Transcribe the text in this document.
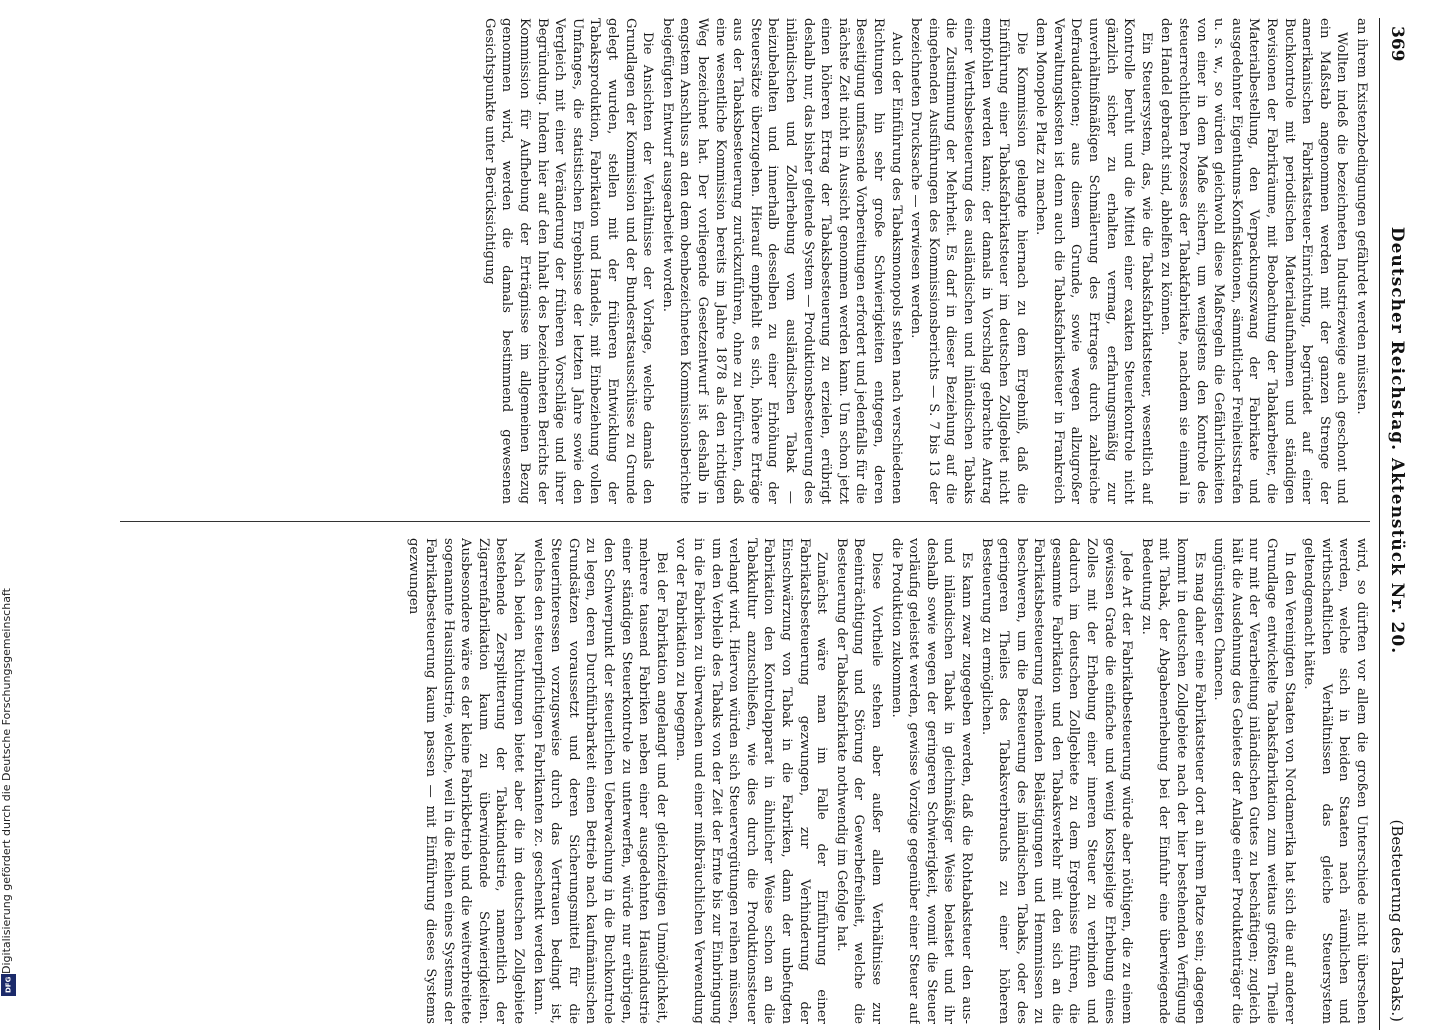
Digitalisierung gefördert durch die Deutsche Forschungsgemeinschaft
DFG	(Besteuerung des Tabaks.)
Deutscher Reichstag. Aktenstück Nr. 20.
369

an ihrem Existenzbedingungen gefährdet werden müssten.

Wollten indeß die bezeichneten Industriezweige auch geschont und ein Maßstab angenommen werden mit der ganzen Strenge der amerikanischen Fabrikatsteuer-Einrichtung, begründet auf einer Buchkontrole mit periodischen Materialaufnahmen und ständigen Revisionen der Fabrikräume, mit Beobachtung der Tabakarbeiter, die Materialbestellung, den Verpackungszwang der Fabrikate und ausgedehnter Eigenthums-Konfiskationen, sämmtlicher Freiheitsstrafen u. s. w., so würden gleichwohl diese Maßregeln die Gefährlichkeiten von einer in dem Maße sichern, um wenigstens den Kontrole des steuerrechtlichen Prozesses der Tabakfabrikate, nachdem sie einmal in den Handel gebracht sind, abhelfen zu können.

Ein Steuersystem, das, wie die Tabaksfabrikatsteuer, wesentlich auf Kontrolle beruht und die Mittel einer exakten Steuerkontrole nicht gänzlich sicher zu erhalten vermag, erfahrungsmäßig zur unverhältnißmäßigen Schmälerung des Ertrages durch zahlreiche Defraudationen; aus diesem Grunde, sowie wegen allzugroßer Verwaltungskosten ist denn auch die Tabaksfabriksteuer in Frankreich dem Monopole Platz zu machen.

Die Kommission gelangte hiernach zu dem Ergebniß, daß die Einführung einer Tabaksfabrikatsteuer im deutschen Zollgebiet nicht empfohlen werden kann; der damals in Vorschlag gebrachte Antrag einer Werthsbesteuerung des ausländischen und inländischen Tabaks die Zustimmung der Mehrheit. Es darf in dieser Beziehung auf die eingehenden Ausführungen des Kommissionsberichts — S. 7 bis 13 der bezeichneten Drucksache — verwiesen werden.

Auch der Einführung des Tabaksmonopols stehen nach verschiedenen Richtungen hin sehr große Schwierigkeiten entgegen, deren Beseitigung umfassende Vorbereitungen erfordert und jedenfalls für die nächste Zeit nicht in Aussicht genommen werden kann. Um schon jetzt einen höheren Ertrag der Tabaksbesteuerung zu erzielen, erübrigt deshalb nur, das bisher geltende System — Produktionsbesteuerung des inländischen und Zollerhebung vom ausländischen Tabak — beizubehalten und innerhalb desselben zu einer Erhöhung der Steuersätze überzugehen. Hierauf empfiehlt es sich, höhere Erträge aus der Tabaksbesteuerung zurückzuführen, ohne zu befürchten, daß eine wesentliche Kommission bereits im Jahre 1878 als den richtigen Weg bezeichnet hat. Der vorliegende Gesetzentwurf ist deshalb in engstem Anschluss an den dem obenbezeichneten Kommissionsberichte beigefügten Entwurf ausgearbeitet worden.

Die Ansichten der Verhältnisse der Vorlage, welche damals den Grundlagen der Kommission und der Bundesratsausschüsse zu Grunde gelegt wurden, stellen mit der früheren Entwicklung der Tabaksproduktion, Fabrikation und Handels, mit Einbeziehung vollen Umfanges, die statistischen Ergebnisse der letzten Jahre sowie den Vergleich mit einer Veränderung der früheren Vorschläge und ihrer Begründung. Indem hier auf den Inhalt des bezeichneten Berichts der Kommission für Aufhebung der Erträgnisse im allgemeinen Bezug genommen wird, werden die damals bestimmend gewesenen Gesichtspunkte unter Berücksichtigung

wird, so dürften vor allem die großen Unterschiede nicht übersehen werden, welche sich in beiden Staaten nach räumlichen und wirthschaftlichen Verhältnissen das gleiche Steuersystem geltendgemacht hätte.

In den Vereinigten Staaten von Nordamerika hat sich die auf anderer Grundlage entwickelte Tabaksfabrikation zum weitaus größten Theile nur mit der Verarbeitung inländischen Gutes zu beschäftigen; zugleich hält die Ausdehnung des Gebietes der Anlage einer Produktenträger die ungünstigsten Chancen.

Es mag daher eine Fabrikatsteuer dort an ihrem Platze sein; dagegen kommt in deutschen Zollgebiete nach der hier bestehenden Verfügung mit Tabak, der Abgabenerhebung bei der Einfuhr eine überwiegende Bedeutung zu.

Jede Art der Fabrikatbesteuerung würde aber nöthigen, die zu einem gewissen Grade die einfache und wenig kostspielige Erhebung eines Zolles mit der Erhebung einer inneren Steuer zu verbinden und dadurch im deutschen Zollgebiete zu dem Ergebnisse führen, die gesammte Fabrikation und den Tabaksverkehr mit den sich an die Fabrikatsbesteuerung reihenden Belästigungen und Hemmnissen zu beschweren, um die Besteuerung des inländischen Tabaks, oder des geringeren Theiles des Tabaksverbrauchs zu einer höheren Besteuerung zu ermöglichen.

Es kann zwar zugegeben werden, daß die Rohtabaksteuer den aus- und inländischen Tabak in gleichmäßiger Weise belastet und ihr deshalb sowie wegen der geringeren Schwierigkeit, womit die Steuer vorläufig geleistet werden, gewisse Vorzüge gegenüber einer Steuer auf die Produktion zukommen.

Diese Vortheile stehen aber außer allem Verhältnisse zur Beeinträchtigung und Störung der Gewerbefreiheit, welche die Besteuerung der Tabaksfabrikate nothwendig im Gefolge hat.

Zunächst wäre man im Falle der Einführung einer Fabrikatsbesteuerung gezwungen, zur Verhinderung der Einschwärzung von Tabak in die Fabriken, dann der unbefugten Fabrikation den Kontrolapparat in ähnlicher Weise schon an die Tabakkultur anzuschließen, wie dies durch die Produktionssteuer verlangt wird. Hiervon würden sich Steuervergütungen reihen müssen, um den Verbleib des Tabaks von der Zeit der Ernte bis zur Einbringung in die Fabriken zu überwachen und einer mißbräuchlichen Verwendung vor der Fabrikation zu begegnen.

Bei der Fabrikation angelangt und der gleichzeitigen Unmöglichkeit, mehrere tausend Fabriken neben einer ausgedehnten Hausindustrie einer ständigen Steuerkontrole zu unterwerfen, würde nur erübrigen, den Schwerpunkt der steuerlichen Ueberwachung in die Buchkontrole zu legen, deren Durchführbarkeit einen Betrieb nach kaufmännischen Grundsätzen voraussetzt und deren Sicherungsmittel für die Steuerinteressen vorzugsweise durch das Vertrauen bedingt ist, welches den steuerpflichtigen Fabrikanten zc. geschenkt werden kann.

Nach beiden Richtungen bietet aber die im deutschen Zollgebiete bestehende Zersplitterung der Tabakindustrie, namentlich der Zigarrenfabrikation kaum zu überwindende Schwierigkeiten. Ausbesondere wäre es der kleine Fabrikbetrieb und die weitverbreitete sogenannte Hausindustrie, welche, weil in die Reihen eines Systems der Fabrikatbesteuerung kaum passen — mit Einführung dieses Systems gezwungen
